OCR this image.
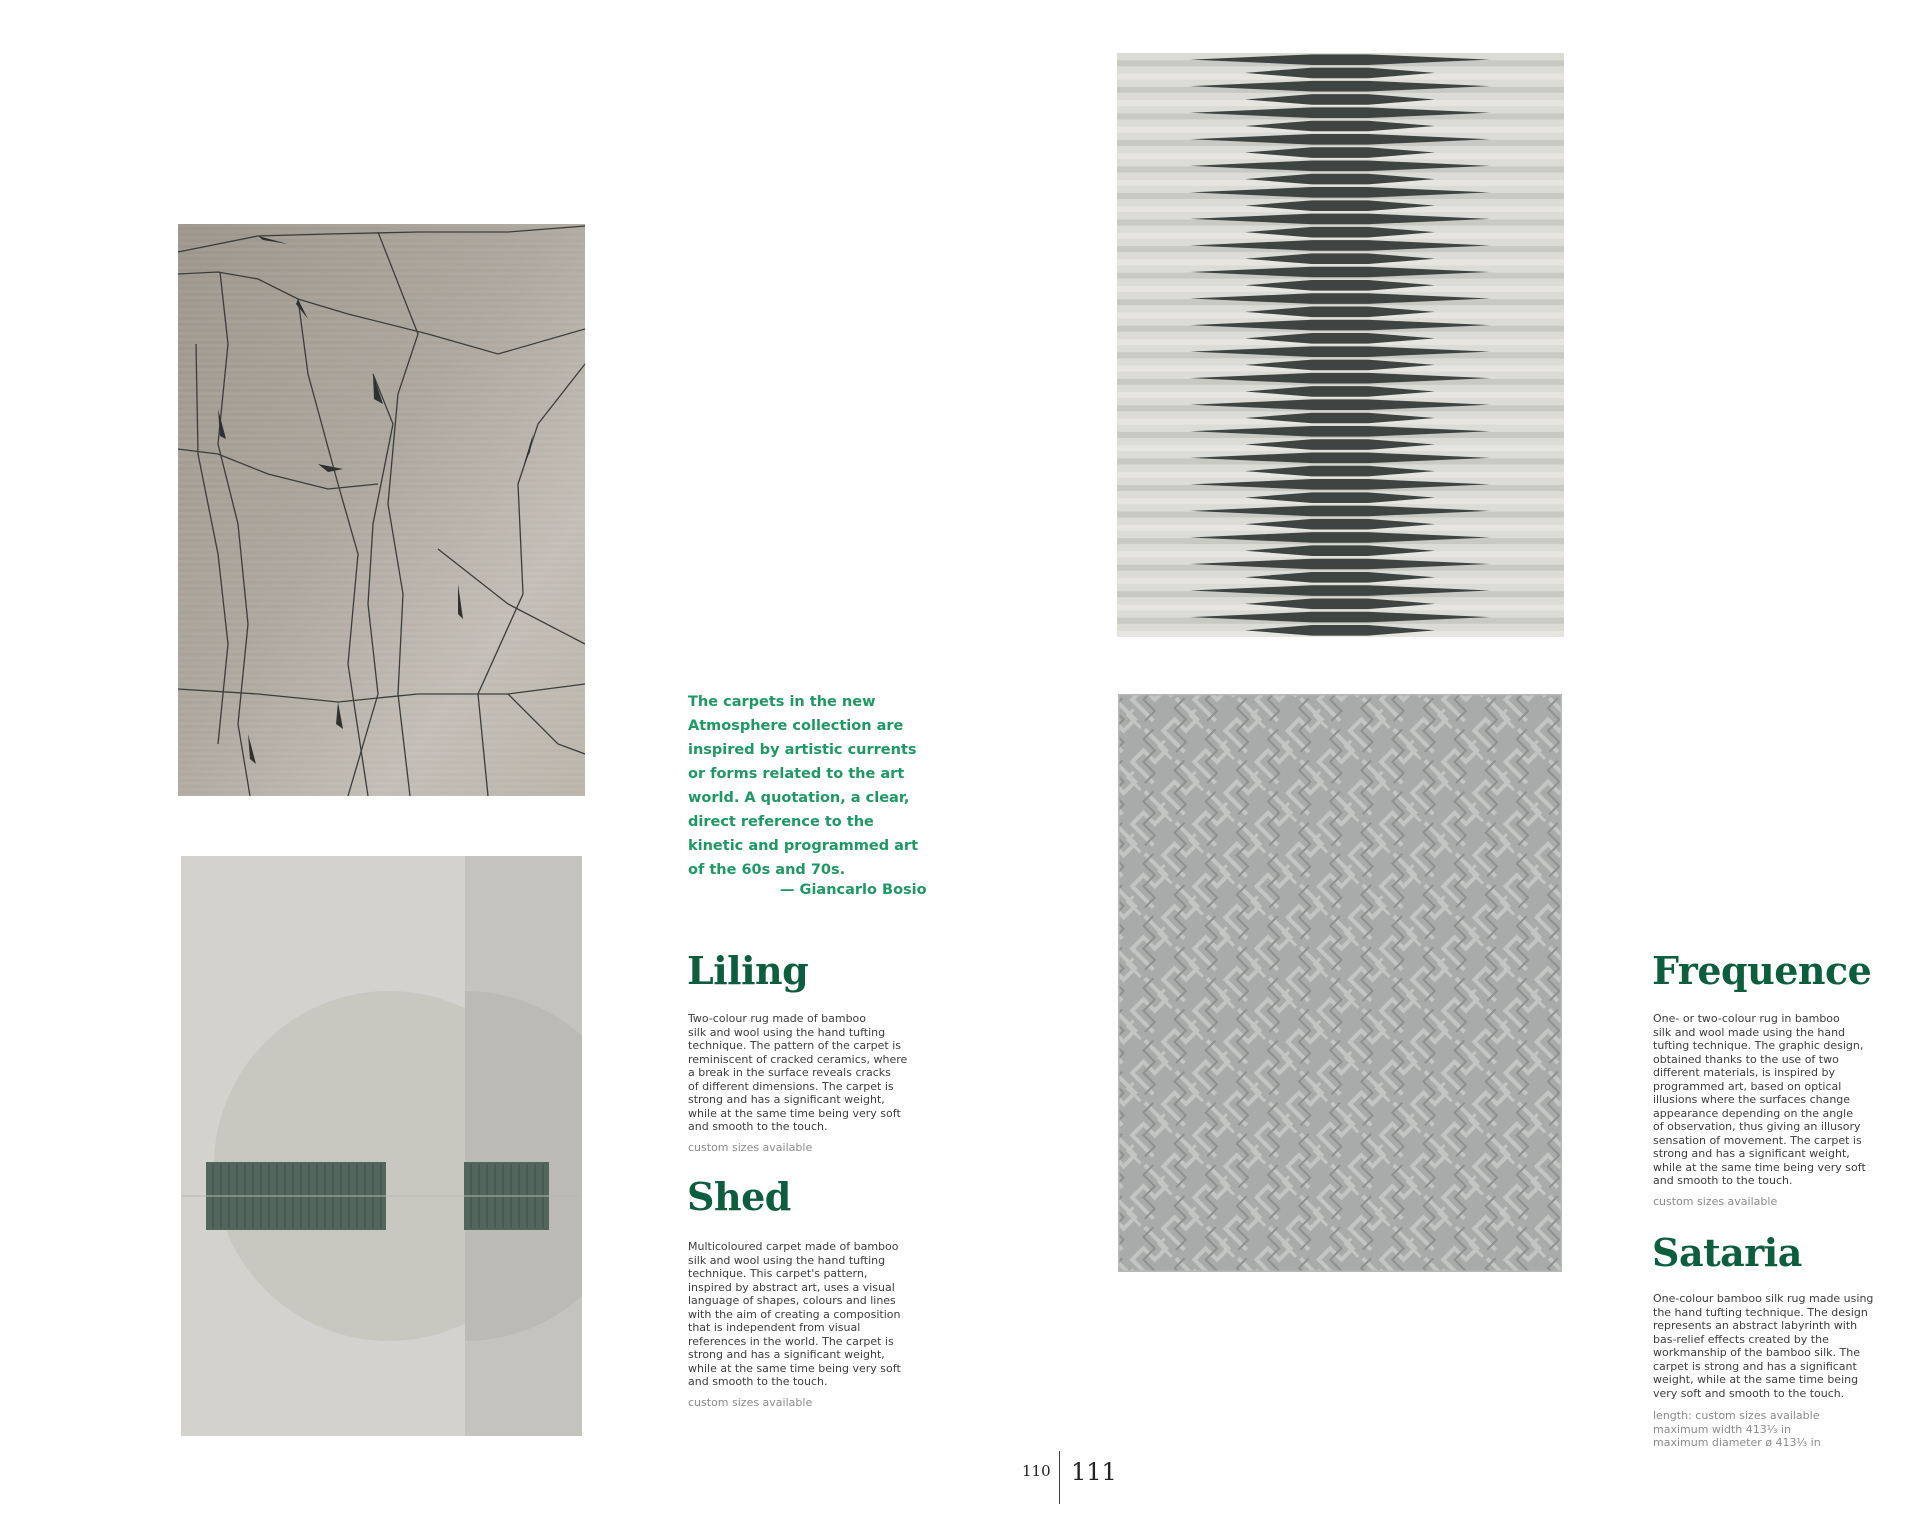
The carpets in the new Atmosphere collection are inspired by artistic currents or forms related to the art world. A quotation, a clear, direct reference to the kinetic and programmed art of the 60s and 70s.
— Giancarlo Bosio
Liling

Two-colour rug made of bamboo
silk and wool using the hand tufting
technique. The pattern of the carpet is
reminiscent of cracked ceramics, where
a break in the surface reveals cracks
of different dimensions. The carpet is
strong and has a significant weight,
while at the same time being very soft
and smooth to the touch.

custom sizes available

Shed

Multicoloured carpet made of bamboo
silk and wool using the hand tufting
technique. This carpet's pattern,
inspired by abstract art, uses a visual
language of shapes, colours and lines
with the aim of creating a composition
that is independent from visual
references in the world. The carpet is
strong and has a significant weight,
while at the same time being very soft
and smooth to the touch.

custom sizes available

Frequence

One- or two-colour rug in bamboo
silk and wool made using the hand
tufting technique. The graphic design,
obtained thanks to the use of two
different materials, is inspired by
programmed art, based on optical
illusions where the surfaces change
appearance depending on the angle
of observation, thus giving an illusory
sensation of movement. The carpet is
strong and has a significant weight,
while at the same time being very soft
and smooth to the touch.

custom sizes available

Sataria

One-colour bamboo silk rug made using
the hand tufting technique. The design
represents an abstract labyrinth with
bas-relief effects created by the
workmanship of the bamboo silk. The
carpet is strong and has a significant
weight, while at the same time being
very soft and smooth to the touch.

length: custom sizes available
maximum width 413⅓ in
maximum diameter ø 413⅓ in

110 111
